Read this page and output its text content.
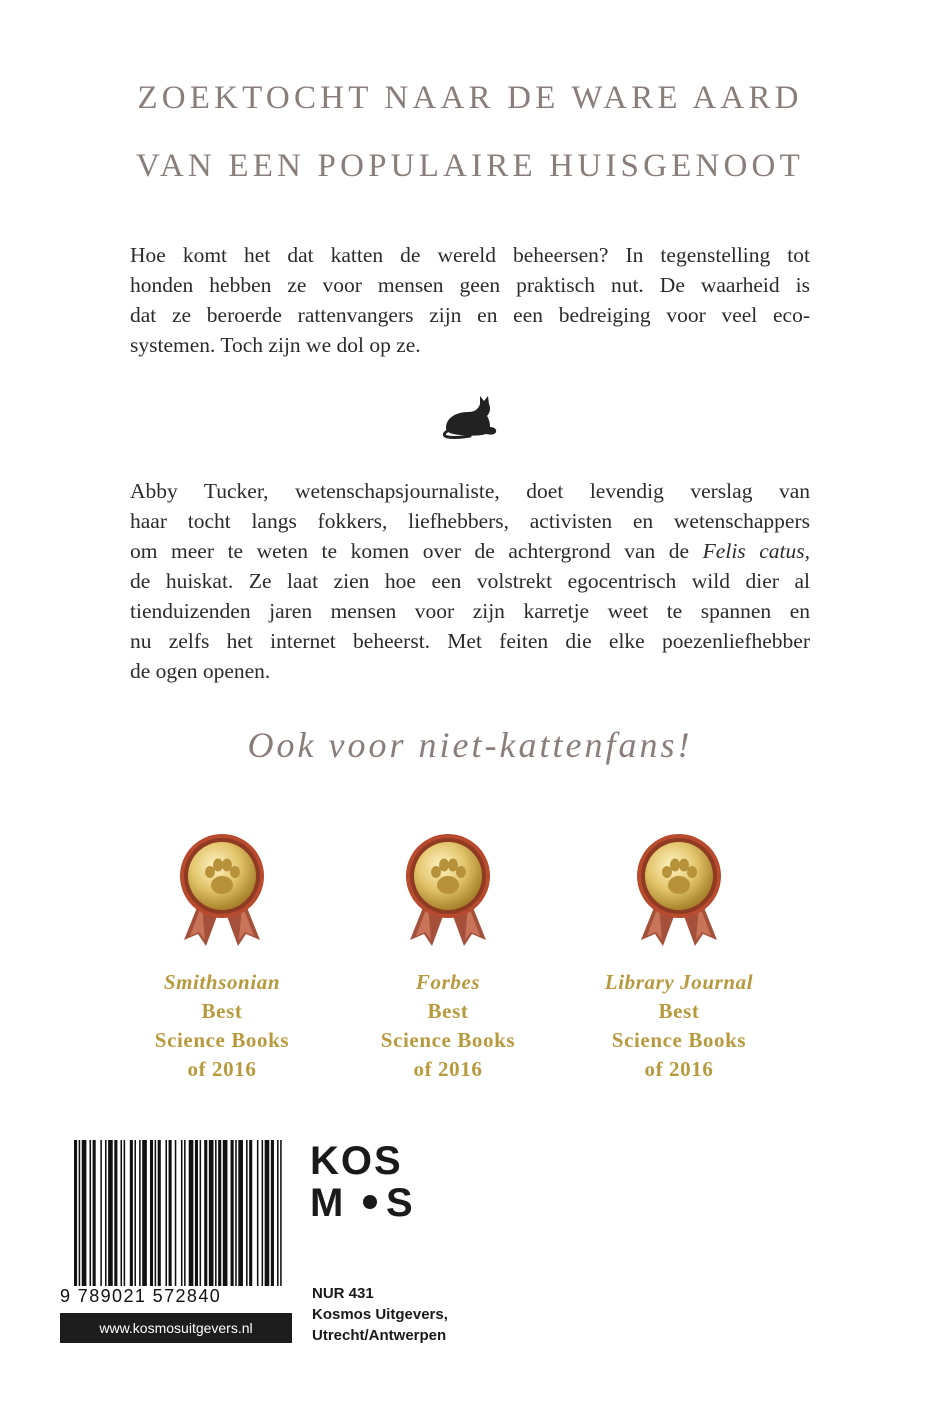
ZOEKTOCHT NAAR DE WARE AARD
VAN EEN POPULAIRE HUISGENOOT
Hoe komt het dat katten de wereld beheersen? In tegenstelling tot
honden hebben ze voor mensen geen praktisch nut. De waarheid is
dat ze beroerde rattenvangers zijn en een bedreiging voor veel eco-
systemen. Toch zijn we dol op ze.
Abby Tucker, wetenschapsjournaliste, doet levendig verslag van
haar tocht langs fokkers, liefhebbers, activisten en wetenschappers
om meer te weten te komen over de achtergrond van de Felis catus,
de huiskat. Ze laat zien hoe een volstrekt egocentrisch wild dier al
tienduizenden jaren mensen voor zijn karretje weet te spannen en
nu zelfs het internet beheerst. Met feiten die elke poezenliefhebber
de ogen openen.
Ook voor niet-kattenfans!
Smithsonian
Best
Science Books
of 2016
Forbes
Best
Science Books
of 2016
Library Journal
Best
Science Books
of 2016
9 789021 572840
www.kosmosuitgevers.nl
KOS
M S
NUR 431
Kosmos Uitgevers,
Utrecht/Antwerpen
